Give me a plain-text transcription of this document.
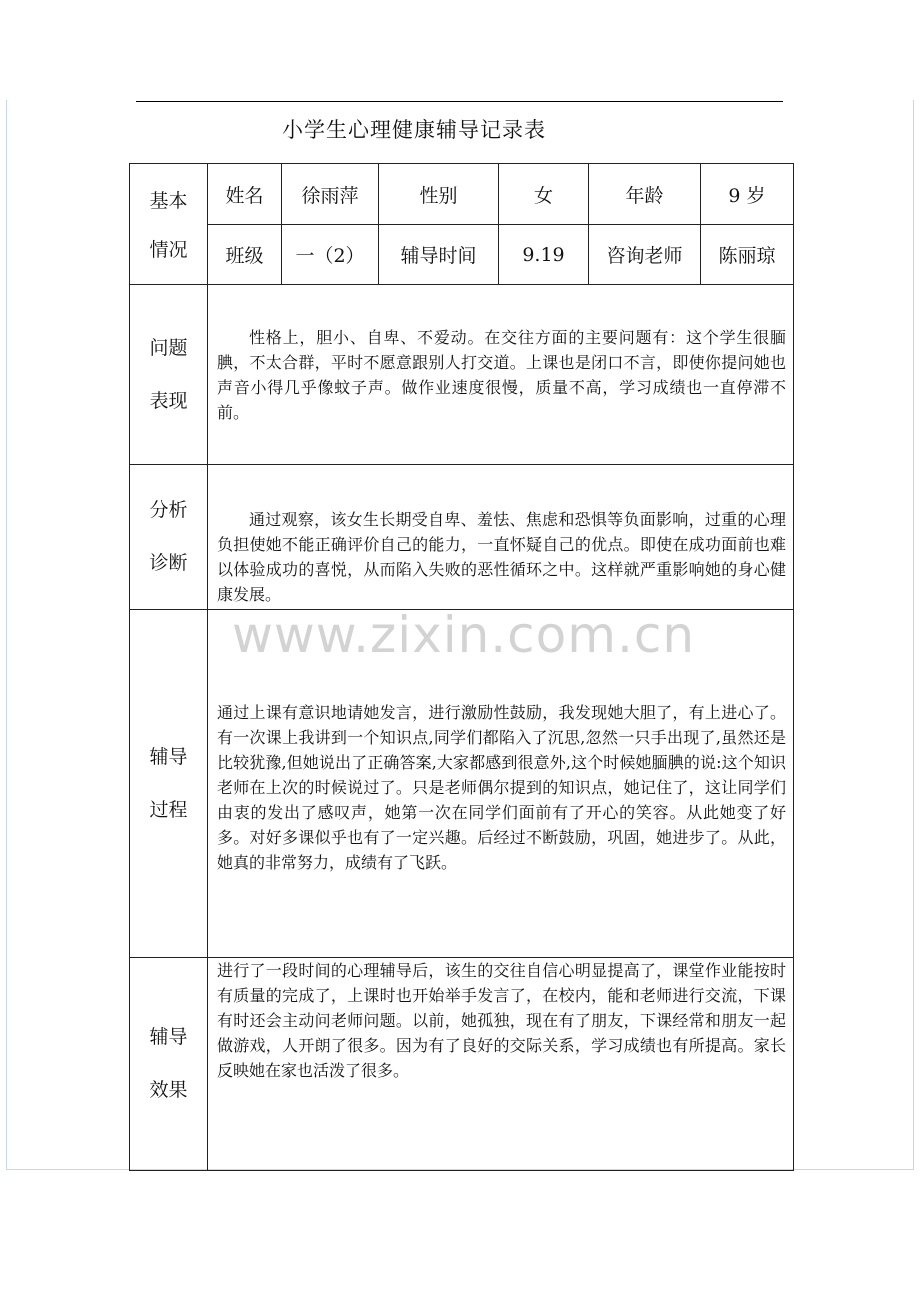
小学生心理健康辅导记录表
基本
情况	姓名	徐雨萍	性别	女	年龄	9 岁
	班级	一（2）	辅导时间	9.19	咨询老师	陈丽琼

问题
表现	性格上，胆小、自卑、不爱动。在交往方面的主要问题有：这个学生很腼腆，不太合群，平时不愿意跟别人打交道。上课也是闭口不言，即使你提问她也声音小得几乎像蚊子声。做作业速度很慢，质量不高，学习成绩也一直停滞不前。					

分析
诊断	通过观察，该女生长期受自卑、羞怯、焦虑和恐惧等负面影响，过重的心理负担使她不能正确评价自己的能力，一直怀疑自己的优点。即使在成功面前也难以体验成功的喜悦，从而陷入失败的恶性循环之中。这样就严重影响她的身心健康发展。					

辅导
过程	通过上课有意识地请她发言，进行激励性鼓励，我发现她大胆了，有上进心了。有一次课上我讲到一个知识点,同学们都陷入了沉思,忽然一只手出现了,虽然还是比较犹豫,但她说出了正确答案,大家都感到很意外,这个时候她腼腆的说:这个知识老师在上次的时候说过了。只是老师偶尔提到的知识点，她记住了，这让同学们由衷的发出了感叹声，她第一次在同学们面前有了开心的笑容。从此她变了好多。对好多课似乎也有了一定兴趣。后经过不断鼓励，巩固，她进步了。从此，她真的非常努力，成绩有了飞跃。					

辅导
效果	进行了一段时间的心理辅导后，该生的交往自信心明显提高了，课堂作业能按时有质量的完成了，上课时也开始举手发言了，在校内，能和老师进行交流，下课有时还会主动问老师问题。以前，她孤独，现在有了朋友，下课经常和朋友一起做游戏，人开朗了很多。因为有了良好的交际关系，学习成绩也有所提高。家长反映她在家也活泼了很多。					
www.zixin.com.cn
